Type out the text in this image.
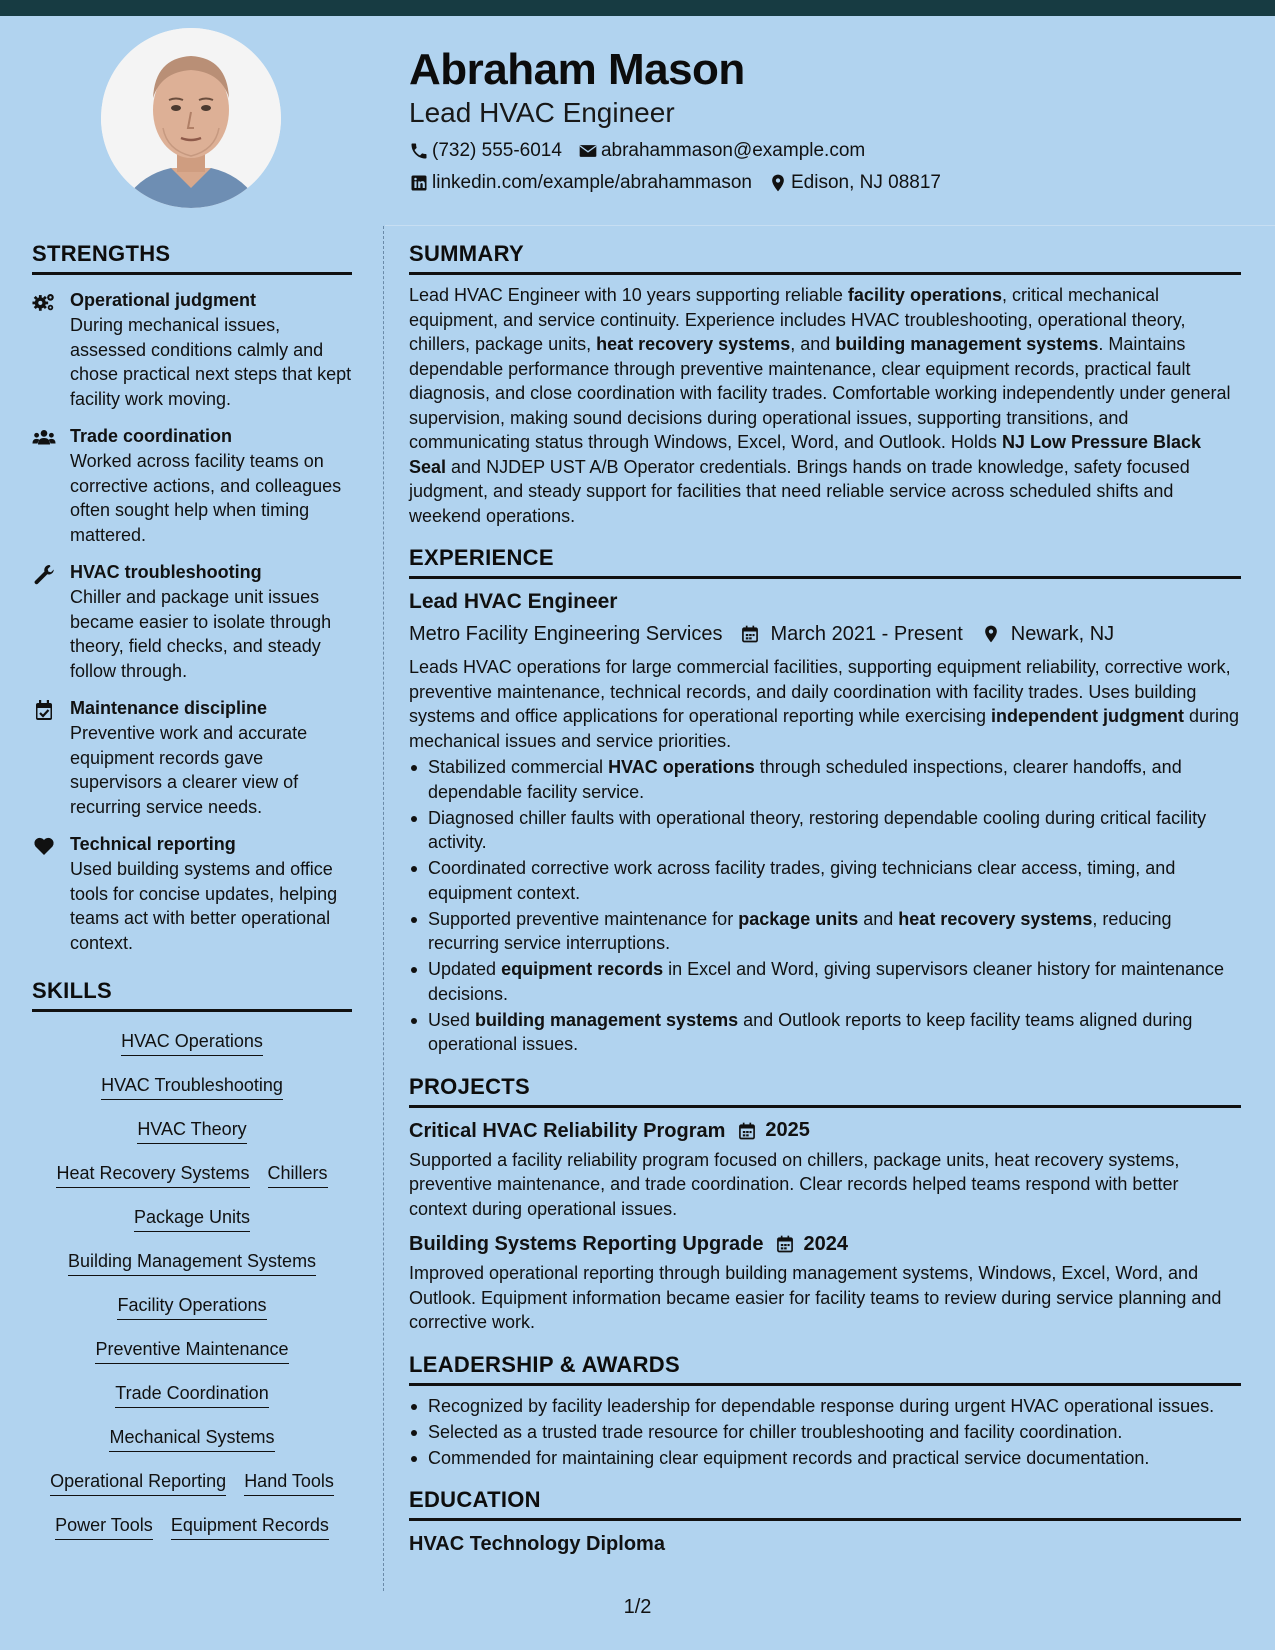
Abraham Mason
Lead HVAC Engineer
(732) 555-6014 abrahammason@example.com
linkedin.com/example/abrahammason Edison, NJ 08817
STRENGTHS
Operational judgment
During mechanical issues, assessed conditions calmly and chose practical next steps that kept facility work moving.
Trade coordination
Worked across facility teams on corrective actions, and colleagues often sought help when timing mattered.
HVAC troubleshooting
Chiller and package unit issues became easier to isolate through theory, field checks, and steady follow through.
Maintenance discipline
Preventive work and accurate equipment records gave supervisors a clearer view of recurring service needs.
Technical reporting
Used building systems and office tools for concise updates, helping teams act with better operational context.
SKILLS
HVAC Operations
HVAC Troubleshooting
HVAC Theory
Heat Recovery Systems Chillers
Package Units
Building Management Systems
Facility Operations
Preventive Maintenance
Trade Coordination
Mechanical Systems
Operational Reporting Hand Tools
Power Tools Equipment Records
SUMMARY

Lead HVAC Engineer with 10 years supporting reliable facility operations, critical mechanical equipment, and service continuity. Experience includes HVAC troubleshooting, operational theory, chillers, package units, heat recovery systems, and building management systems. Maintains dependable performance through preventive maintenance, clear equipment records, practical fault diagnosis, and close coordination with facility trades. Comfortable working independently under general supervision, making sound decisions during operational issues, supporting transitions, and communicating status through Windows, Excel, Word, and Outlook. Holds NJ Low Pressure Black Seal and NJDEP UST A/B Operator credentials. Brings hands on trade knowledge, safety focused judgment, and steady support for facilities that need reliable service across scheduled shifts and weekend operations.

EXPERIENCE
Lead HVAC Engineer
Metro Facility Engineering Services March 2021 - Present Newark, NJ

Leads HVAC operations for large commercial facilities, supporting equipment reliability, corrective work, preventive maintenance, technical records, and daily coordination with facility trades. Uses building systems and office applications for operational reporting while exercising independent judgment during mechanical issues and service priorities.

Stabilized commercial HVAC operations through scheduled inspections, clearer handoffs, and dependable facility service.
Diagnosed chiller faults with operational theory, restoring dependable cooling during critical facility activity.
Coordinated corrective work across facility trades, giving technicians clear access, timing, and equipment context.
Supported preventive maintenance for package units and heat recovery systems, reducing recurring service interruptions.
Updated equipment records in Excel and Word, giving supervisors cleaner history for maintenance decisions.
Used building management systems and Outlook reports to keep facility teams aligned during operational issues.
PROJECTS
Critical HVAC Reliability Program 2025

Supported a facility reliability program focused on chillers, package units, heat recovery systems, preventive maintenance, and trade coordination. Clear records helped teams respond with better context during operational issues.

Building Systems Reporting Upgrade 2024

Improved operational reporting through building management systems, Windows, Excel, Word, and Outlook. Equipment information became easier for facility teams to review during service planning and corrective work.

LEADERSHIP & AWARDS
Recognized by facility leadership for dependable response during urgent HVAC operational issues.
Selected as a trusted trade resource for chiller troubleshooting and facility coordination.
Commended for maintaining clear equipment records and practical service documentation.
EDUCATION
HVAC Technology Diploma
1/2
